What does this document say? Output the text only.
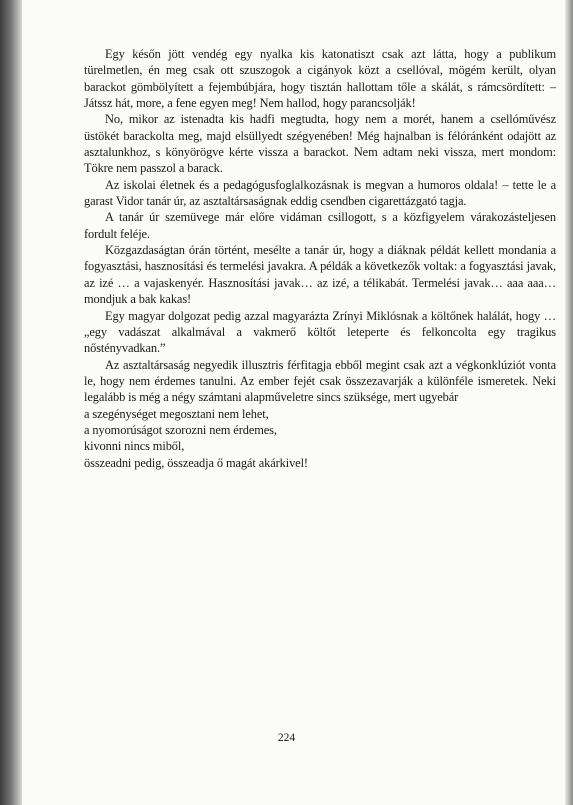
Egy későn jött vendég egy nyalka kis katonatiszt csak azt látta, hogy a publikum türelmetlen, én meg csak ott szuszogok a cigányok közt a csellóval, mögém került, olyan barackot gömbölyített a fejembúbjára, hogy tisztán hallottam tőle a skálát, s rámcsördített: – Játssz hát, more, a fene egyen meg! Nem hallod, hogy parancsolják!

No, mikor az istenadta kis hadfi megtudta, hogy nem a morét, hanem a csellóművész üstökét barackolta meg, majd elsüllyedt szégyenében! Még hajnalban is félóránként odajött az asztalunkhoz, s könyörögve kérte vissza a barackot. Nem adtam neki vissza, mert mondom: Tökre nem passzol a barack.

Az iskolai életnek és a pedagógusfoglalkozásnak is megvan a humoros oldala! – tette le a garast Vidor tanár úr, az asztaltársaságnak eddig csendben cigarettázgató tagja.

A tanár úr szemüvege már előre vidáman csillogott, s a közfigyelem várakozásteljesen fordult feléje.

Közgazdaságtan órán történt, mesélte a tanár úr, hogy a diáknak példát kellett mondania a fogyasztási, hasznosítási és termelési javakra. A példák a következők voltak: a fogyasztási javak, az izé … a vajaskenyér. Hasznosítási javak… az izé, a télikabát. Termelési javak… aaa aaa… mondjuk a bak kakas!

Egy magyar dolgozat pedig azzal magyarázta Zrínyi Miklósnak a költőnek halálát, hogy … „egy vadászat alkalmával a vakmerő költőt leteperte és felkoncolta egy tragikus nőstényvadkan.”

Az asztaltársaság negyedik illusztris férfitagja ebből megint csak azt a végkonklúziót vonta le, hogy nem érdemes tanulni. Az ember fejét csak összezavarják a különféle ismeretek. Neki legalább is még a négy számtani alapműveletre sincs szüksége, mert ugyebár

a szegénységet megosztani nem lehet,
a nyomorúságot szorozni nem érdemes,
kivonni nincs miből,
összeadni pedig, összeadja ő magát akárkivel!
224
